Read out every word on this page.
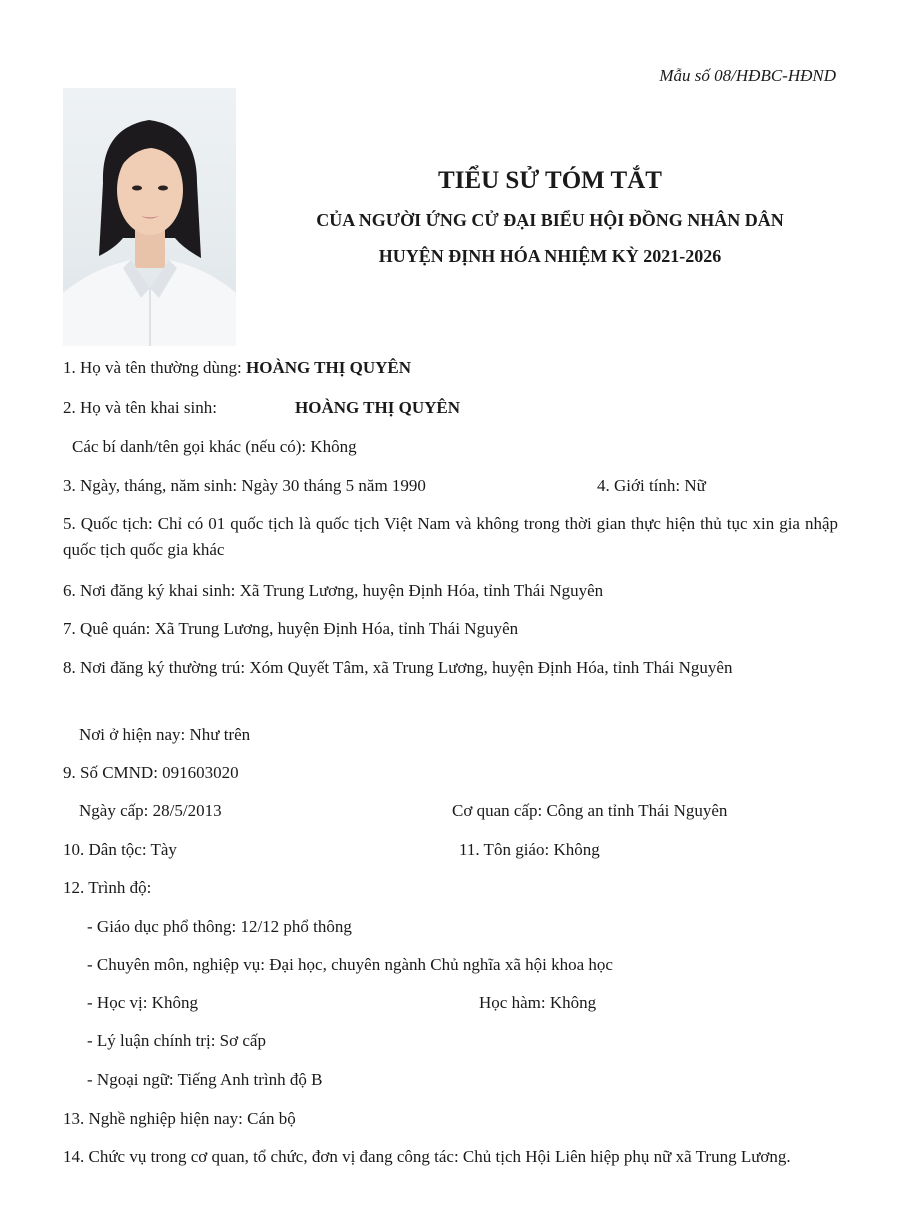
Mẫu số 08/HĐBC-HĐND
TIỂU SỬ TÓM TẮT
CỦA NGƯỜI ỨNG CỬ ĐẠI BIỂU HỘI ĐỒNG NHÂN DÂN
HUYỆN ĐỊNH HÓA NHIỆM KỲ 2021-2026
1. Họ và tên thường dùng: HOÀNG THỊ QUYÊN
2. Họ và tên khai sinh:	HOÀNG THỊ QUYÊN
Các bí danh/tên gọi khác (nếu có): Không
3. Ngày, tháng, năm sinh: Ngày 30 tháng 5 năm 1990	4. Giới tính: Nữ
5. Quốc tịch: Chỉ có 01 quốc tịch là quốc tịch Việt Nam và không trong thời gian thực hiện thủ tục xin gia nhập quốc tịch quốc gia khác
6. Nơi đăng ký khai sinh: Xã Trung Lương, huyện Định Hóa, tỉnh Thái Nguyên
7. Quê quán: Xã Trung Lương, huyện Định Hóa, tỉnh Thái Nguyên
8. Nơi đăng ký thường trú: Xóm Quyết Tâm, xã Trung Lương, huyện Định Hóa, tỉnh Thái Nguyên
Nơi ở hiện nay: Như trên
9. Số CMND: 091603020
Ngày cấp: 28/5/2013	Cơ quan cấp: Công an tỉnh Thái Nguyên
10. Dân tộc: Tày	11. Tôn giáo: Không
12. Trình độ:
- Giáo dục phổ thông: 12/12 phổ thông
- Chuyên môn, nghiệp vụ: Đại học, chuyên ngành Chủ nghĩa xã hội khoa học
- Học vị: Không	Học hàm: Không
- Lý luận chính trị: Sơ cấp
- Ngoại ngữ: Tiếng Anh trình độ B
13. Nghề nghiệp hiện nay: Cán bộ
14. Chức vụ trong cơ quan, tổ chức, đơn vị đang công tác: Chủ tịch Hội Liên hiệp phụ nữ xã Trung Lương.
